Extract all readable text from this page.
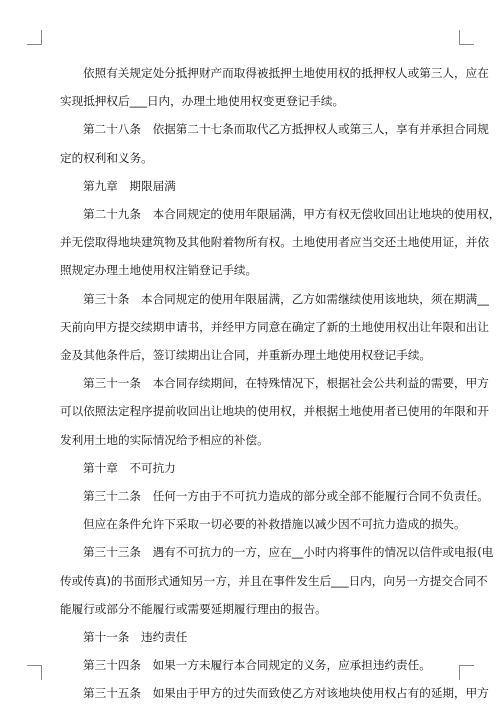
依照有关规定处分抵押财产而取得被抵押土地使用权的抵押权人或第三人，应在
实现抵押权后___日内，办理土地使用权变更登记手续。
第二十八条　依据第二十七条而取代乙方抵押权人或第三人，享有并承担合同规
定的权利和义务。
第九章　期限届满
第二十九条　本合同规定的使用年限届满，甲方有权无偿收回出让地块的使用权，
并无偿取得地块建筑物及其他附着物所有权。土地使用者应当交还土地使用证，并依
照规定办理土地使用权注销登记手续。
第三十条　本合同规定的使用年限届满，乙方如需继续使用该地块，须在期满__
天前向甲方提交续期申请书，并经甲方同意在确定了新的土地使用权出让年限和出让
金及其他条件后，签订续期出让合同，并重新办理土地使用权登记手续。
第三十一条　本合同存续期间，在特殊情况下，根据社会公共利益的需要，甲方
可以依照法定程序提前收回出让地块的使用权，并根据土地使用者已使用的年限和开
发利用土地的实际情况给予相应的补偿。
第十章　不可抗力
第三十二条　任何一方由于不可抗力造成的部分或全部不能履行合同不负责任。
但应在条件允许下采取一切必要的补救措施以减少因不可抗力造成的损失。
第三十三条　遇有不可抗力的一方，应在__小时内将事件的情况以信件或电报(电
传或传真)的书面形式通知另一方，并且在事件发生后___日内，向另一方提交合同不
能履行或部分不能履行或需要延期履行理由的报告。
第十一条　违约责任
第三十四条　如果一方未履行本合同规定的义务，应承担违约责任。
第三十五条　如果由于甲方的过失而致使乙方对该地块使用权占有的延期，甲方
